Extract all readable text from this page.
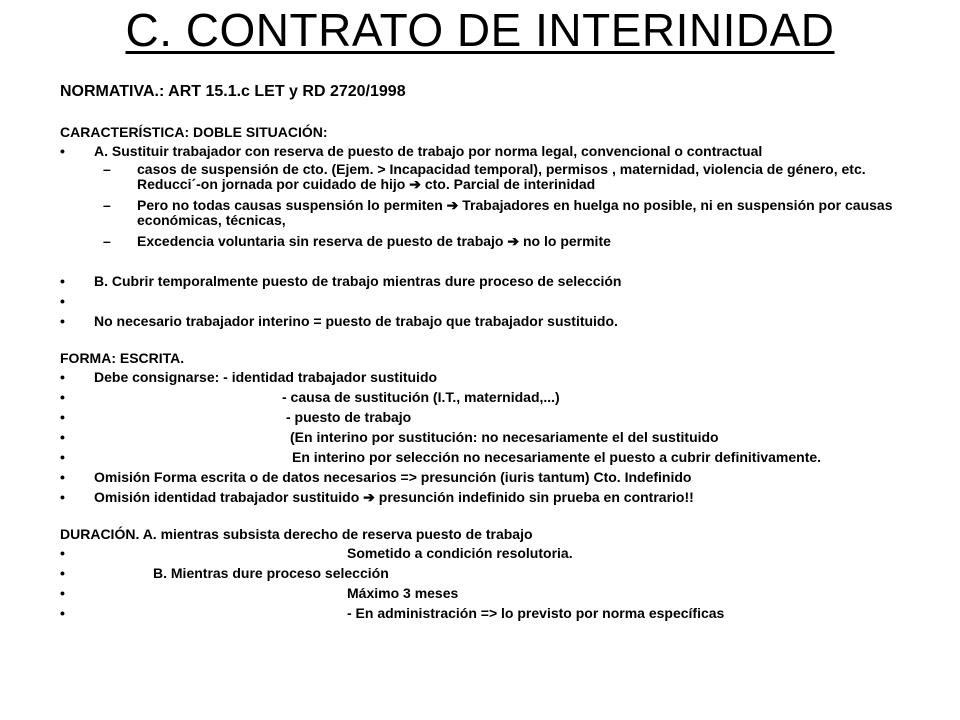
C. CONTRATO DE INTERINIDAD
NORMATIVA.: ART 15.1.c LET y RD 2720/1998
CARACTERÍSTICA: DOBLE SITUACIÓN:
• A. Sustituir trabajador con reserva de puesto de trabajo por norma legal, convencional o contractual
– casos de suspensión de cto. (Ejem. > Incapacidad temporal), permisos , maternidad, violencia de género, etc. Reducci´-on jornada por cuidado de hijo ➔ cto. Parcial de interinidad
– Pero no todas causas suspensión lo permiten ➔ Trabajadores en huelga no posible, ni en suspensión por causas económicas, técnicas,
– Excedencia voluntaria sin reserva de puesto de trabajo ➔ no lo permite
• B. Cubrir temporalmente puesto de trabajo mientras dure proceso de selección
•
• No necesario trabajador interino = puesto de trabajo que trabajador sustituido.
FORMA: ESCRITA.
• Debe consignarse: - identidad trabajador sustituido
• - causa de sustitución (I.T., maternidad,...)
• - puesto de trabajo
• (En interino por sustitución: no necesariamente el del sustituido
• En interino por selección no necesariamente el puesto a cubrir definitivamente.
• Omisión Forma escrita o de datos necesarios => presunción (iuris tantum) Cto. Indefinido
• Omisión identidad trabajador sustituido ➔ presunción indefinido sin prueba en contrario!!
DURACIÓN. A. mientras subsista derecho de reserva puesto de trabajo
• Sometido a condición resolutoria.
• B. Mientras dure proceso selección
• Máximo 3 meses
• - En administración => lo previsto por norma específicas
